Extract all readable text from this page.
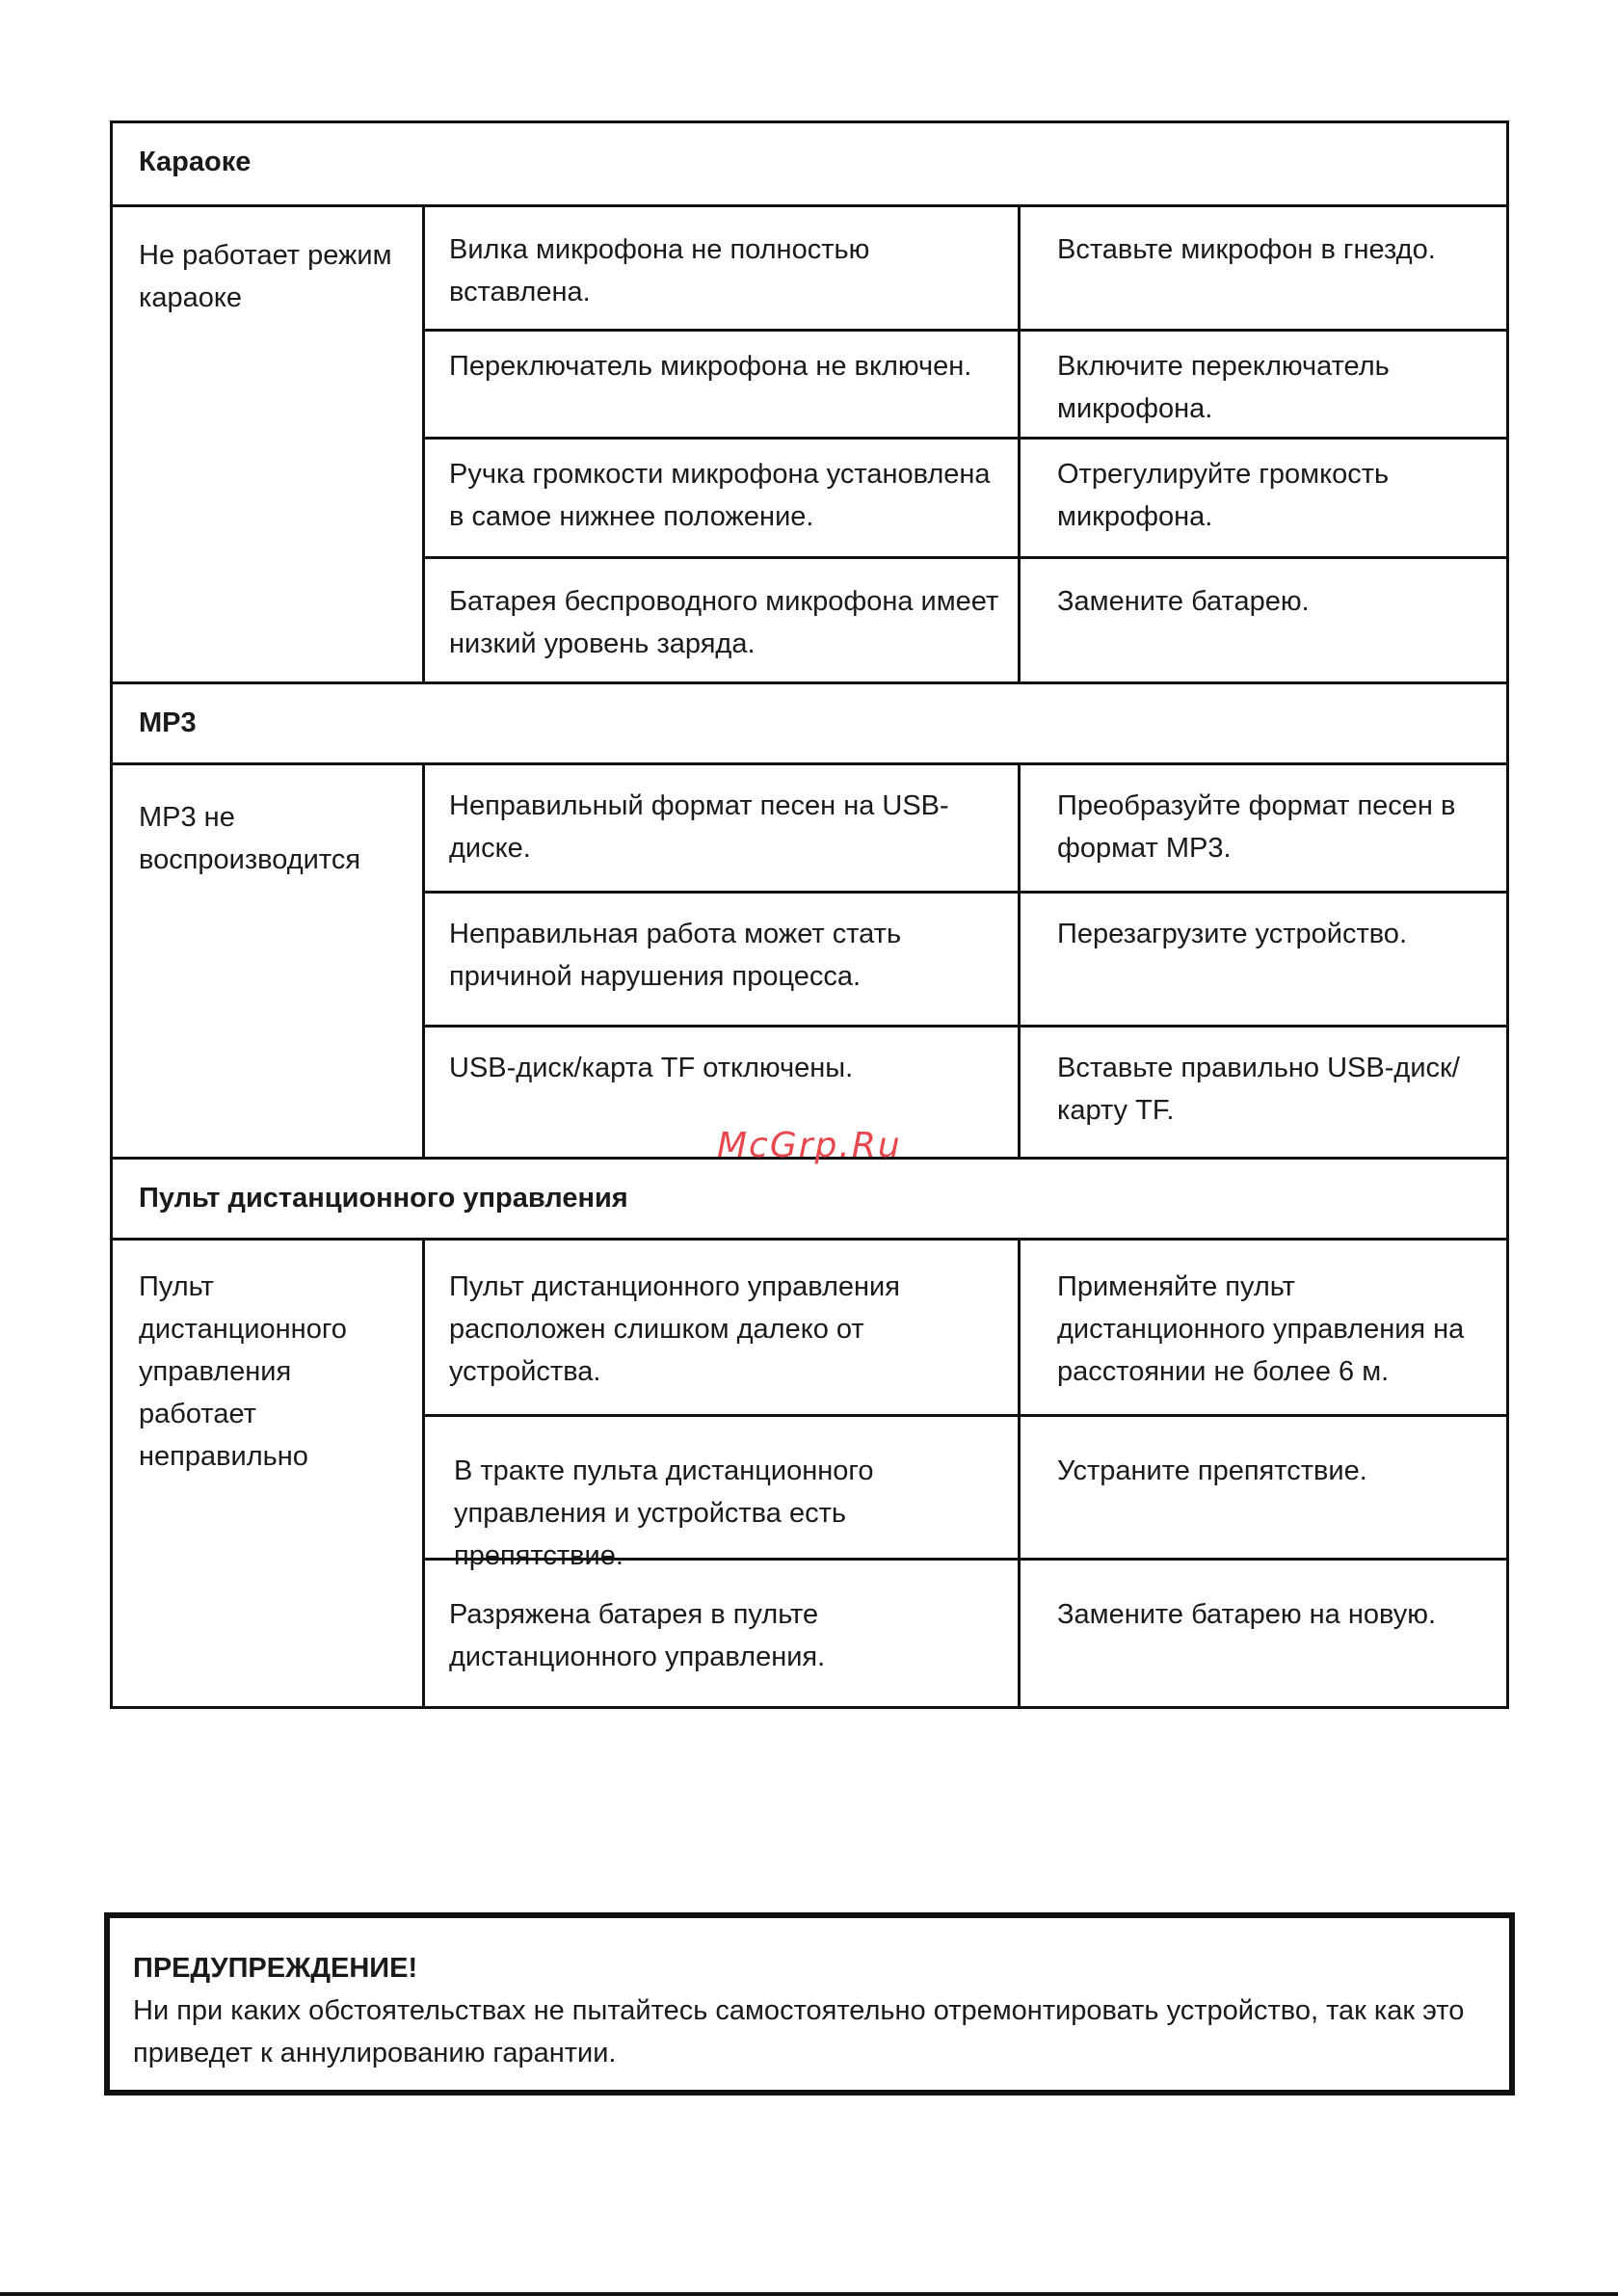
Караоке
Не работает режим караоке
Вилка микрофона не полностью вставлена.
Вставьте микрофон в гнездо.
Переключатель микрофона не включен.	Включите переключатель микрофона.
Ручка громкости микрофона установлена в самое нижнее положение.
Отрегулируйте громкость микрофона.
Батарея беспроводного микрофона имеет низкий уровень заряда.
Замените батарею.
MP3
MP3 не воспроизводится
Неправильный формат песен на USB-диске.
Преобразуйте формат песен в формат MP3.
Неправильная работа может стать причиной нарушения процесса.
Перезагрузите устройство.
USB-диск/карта TF отключены.	Вставьте правильно USB-диск/ карту TF.
Пульт дистанционного управления
Пульт дистанционного управления работает неправильно
Пульт дистанционного управления расположен слишком далеко от устройства.
Применяйте пульт дистанционного управления на расстоянии не более 6 м.
В тракте пульта дистанционного управления и устройства есть препятствие.
Устраните препятствие.
Разряжена батарея в пульте дистанционного управления.
Замените батарею на новую.
McGrp.Ru
ПРЕДУПРЕЖДЕНИЕ!
Ни при каких обстоятельствах не пытайтесь самостоятельно отремонтировать устройство, так как это приведет к аннулированию гарантии.
